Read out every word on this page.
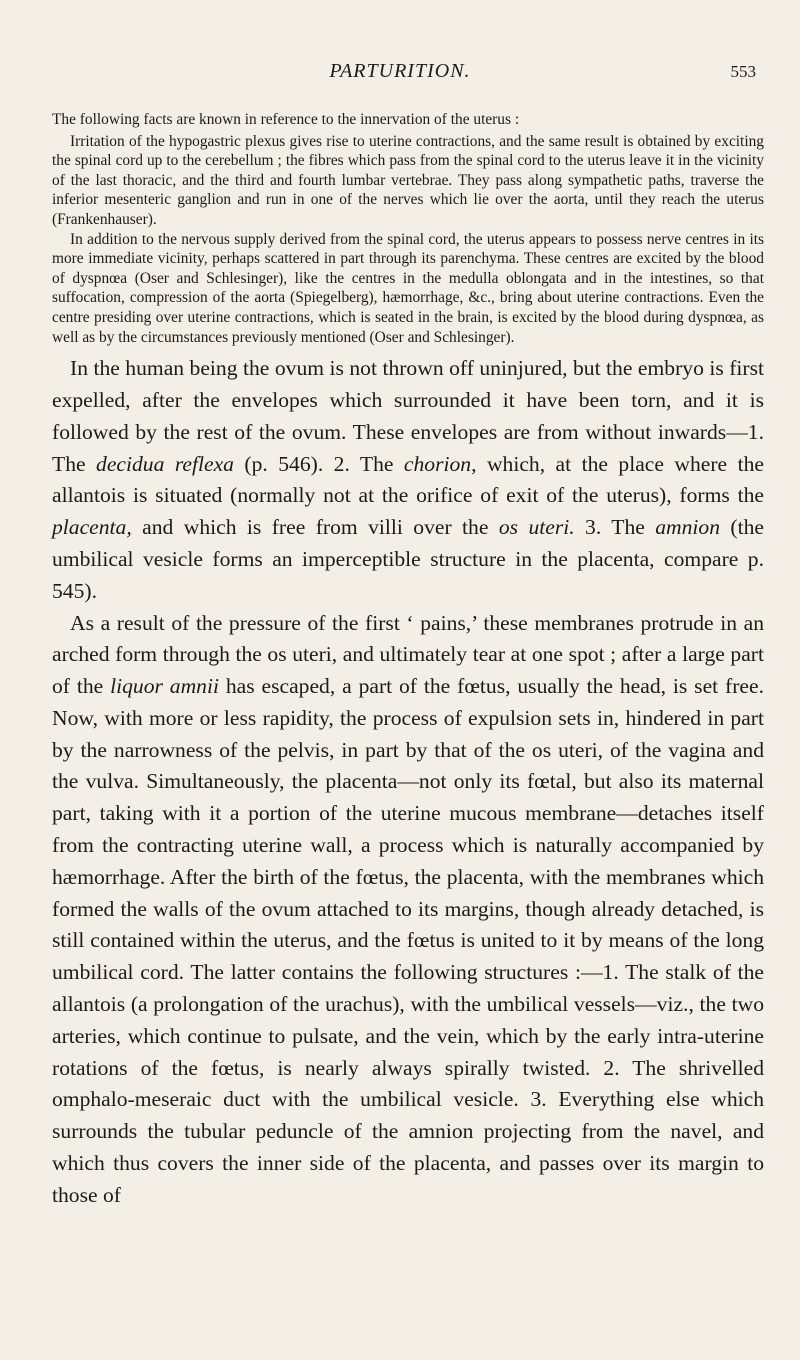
PARTURITION.	553

The following facts are known in reference to the innervation of the uterus :

Irritation of the hypogastric plexus gives rise to uterine contractions, and the same result is obtained by exciting the spinal cord up to the cerebellum ; the fibres which pass from the spinal cord to the uterus leave it in the vicinity of the last thoracic, and the third and fourth lumbar vertebrae. They pass along sympathetic paths, traverse the inferior mesenteric ganglion and run in one of the nerves which lie over the aorta, until they reach the uterus (Frankenhauser).

In addition to the nervous supply derived from the spinal cord, the uterus appears to possess nerve centres in its more immediate vicinity, perhaps scattered in part through its parenchyma. These centres are excited by the blood of dyspnœa (Oser and Schlesinger), like the centres in the medulla oblongata and in the intestines, so that suffocation, compression of the aorta (Spiegelberg), hæmorrhage, &c., bring about uterine contractions. Even the centre presiding over uterine contractions, which is seated in the brain, is excited by the blood during dyspnœa, as well as by the circumstances previously mentioned (Oser and Schlesinger).

In the human being the ovum is not thrown off uninjured, but the embryo is first expelled, after the envelopes which surrounded it have been torn, and it is followed by the rest of the ovum. These envelopes are from without inwards—1. The decidua reflexa (p. 546). 2. The chorion, which, at the place where the allantois is situated (normally not at the orifice of exit of the uterus), forms the placenta, and which is free from villi over the os uteri. 3. The amnion (the umbilical vesicle forms an imperceptible structure in the placenta, compare p. 545).

As a result of the pressure of the first ‘ pains,’ these membranes protrude in an arched form through the os uteri, and ultimately tear at one spot ; after a large part of the liquor amnii has escaped, a part of the fœtus, usually the head, is set free. Now, with more or less rapidity, the process of expulsion sets in, hindered in part by the narrowness of the pelvis, in part by that of the os uteri, of the vagina and the vulva. Simultaneously, the placenta—not only its fœtal, but also its maternal part, taking with it a portion of the uterine mucous membrane—detaches itself from the contracting uterine wall, a process which is naturally accompanied by hæmorrhage. After the birth of the fœtus, the placenta, with the membranes which formed the walls of the ovum attached to its margins, though already detached, is still contained within the uterus, and the fœtus is united to it by means of the long umbilical cord. The latter contains the following structures :—1. The stalk of the allantois (a prolongation of the urachus), with the umbilical vessels—viz., the two arteries, which continue to pulsate, and the vein, which by the early intra-uterine rotations of the fœtus, is nearly always spirally twisted. 2. The shrivelled omphalo-meseraic duct with the umbilical vesicle. 3. Everything else which surrounds the tubular peduncle of the amnion projecting from the navel, and which thus covers the inner side of the placenta, and passes over its margin to those of
